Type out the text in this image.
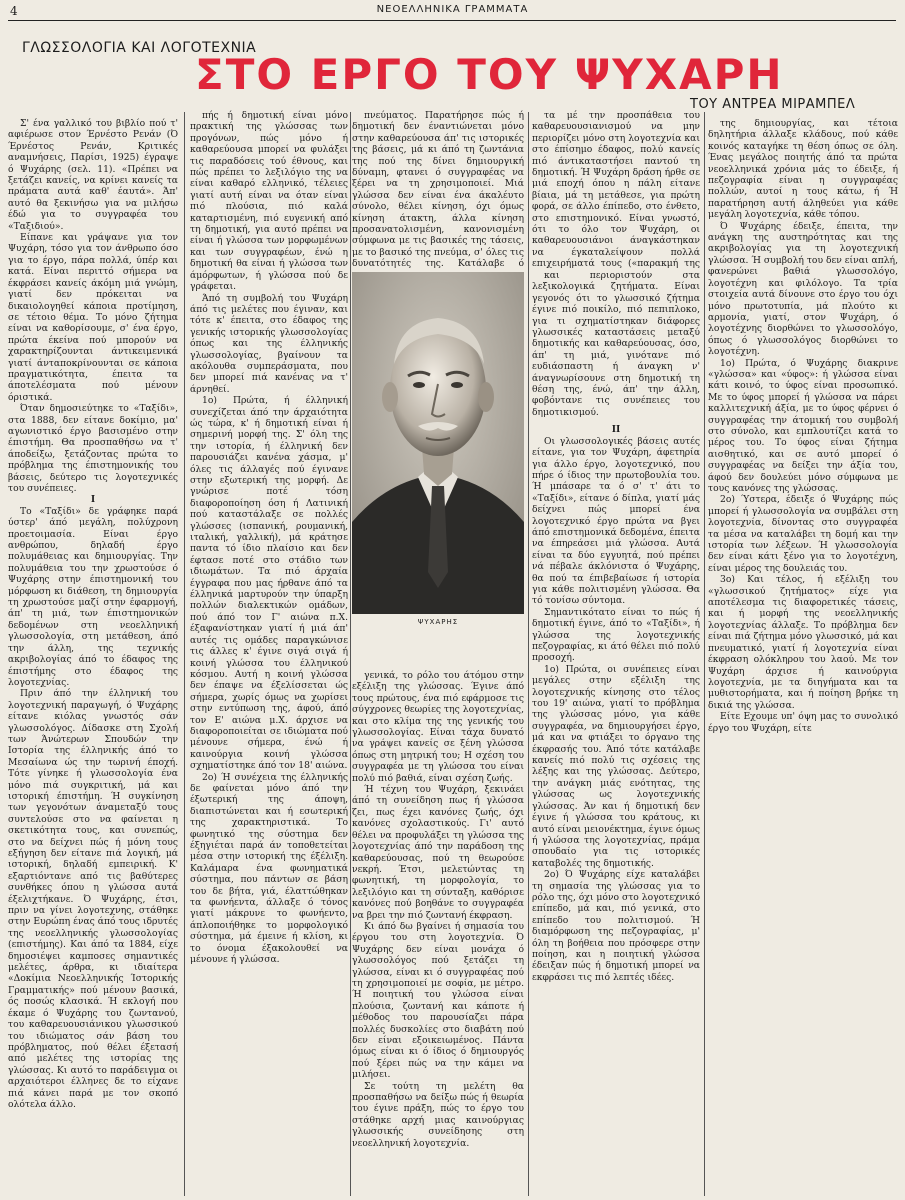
4	ΝΕΟΕΛΛΗΝΙΚΑ ΓΡΑΜΜΑΤΑ
ΓΛΩΣΣΟΛΟΓΙΑ ΚΑΙ ΛΟΓΟΤΕΧΝΙΑ
ΣΤΟ ΕΡΓΟ ΤΟΥ ΨΥΧΑΡΗ
ΤΟΥ ΑΝΤΡΕΑ ΜΙΡΑΜΠΕΛ

Σ' ένα γαλλικό του βιβλίο πού τ' αφιέρωσε στον Έρνέστο Ρενάν (Ό Έρνέστος Ρενάν, Κριτικές αναμνήσεις, Παρίσι, 1925) έγραψε ό Ψυχάρης (σελ. 11). «Πρέπει να ξετάζει κανείς, να κρίνει κανείς τα πράματα αυτά καθ' έαυτά». Άπ' αυτό θα ξεκινήσω για να μιλήσω έδώ για το συγγραφέα του «Ταξιδιού».

Είπανε και γράψανε για τον Ψυχάρη, τόσο για τον άνθρωπο όσο για το έργο, πάρα πολλά, ύπέρ και κατά. Είναι περιττό σήμερα να έκφράσει κανείς άκόμη μιά γνώμη, γιατί δεν πρόκειται να δικαιολογηθεί κάποια προτίμηση, σε τέτοιο θέμα. Το μόνο ζήτημα είναι να καθορίσουμε, σ' ένα έργο, πρώτα έκείνα πού μπορούν να χαρακτηρίζουνται άντικειμενικά γιατί άνταποκρίνουνται σε κάποια πραγματικότητα, έπειτα τα άποτελέσματα πού μένουν όριστικά.

Όταν δημοσιεύτηκε το «Ταξίδι», στα 1888, δεν είτανε δοκίμιο, μα' αγωνιστικό έργο βασισμένο στην έπιστήμη. Θα προσπαθήσω να τ' άποδείξω, ξετάζοντας πρώτα το πρόβλημα της έπιστημονικής του βάσεις, δεύτερο τις λογοτεχνικές του συνέπειες.

I

Το «Ταξίδι» δε γράφηκε παρά ύστερ' άπό μεγάλη, πολύχρονη προετοιμασία. Είναι έργο ανθρώπου, δηλαδή έργο πολυμάθειας και δημιουργίας. Την πολυμάθεια του την χρωστούσε ό Ψυχάρης στην έπιστημονική του μόρφωση κι διάθεση, τη δημιουργία τη χρωστούσε μαζί στην έφαρμογή, άπ' τη μιά, των έπιστημονικών δεδομένων στη νεοελληνική γλωσσολογία, στη μετάθεση, άπό την άλλη, της τεχνικής ακριβολογίας άπό το έδαφος της έπιστήμης στο έδαφος της λογοτεχνίας.

Πριν άπό την έλληνική του λογοτεχνική παραγωγή, ό Ψυχάρης είτανε κιόλας γνωστός σάν γλωσσολόγος. Δίδασκε στη Σχολή των Άνώτερων Σπουδών την Ιστορία της έλληνικής άπό το Μεσαίωνα ώς την τωρινή έποχή. Τότε γίνηκε ή γλωσσολογία ένα μόνο πιά συγκριτική, μά και ιστορική έπιστήμη. Ή συγκίνηση των γεγονότων άναμεταξύ τους συντελούσε στο να φαίνεται η σκετικότητα τους, και συνεπώς, στο να δείχνει πώς ή μόνη τους εξήγηση δεν είτανε πιά λογική, μά ιστορική, δηλαδή εμπειρική. Κ' εξαρτιόντανε από τις βαθύτερες συνθήκες όπου η γλώσσα αυτά έξελιχτήκανε. Ό Ψυχάρης, έτσι, πριν να γίνει λογοτεχνης, στάθηκε στην Ευρώπη ένας άπό τους ιδρυτές της νεοελληνικής γλωσσολογίας (επιστήμης). Και άπό τα 1884, είχε δημοσιέψει καμποσες σημαντικές μελέτες, άρθρα, κι ιδιαίτερα «Δοκίμια Νεοελληνικής Ίστορικής Γραμματικής» πού μένουν βασικά, ός ποσώς κλασικά. Ή εκλογή που έκαμε ό Ψυχάρης του ζωντανού, του καθαρευουσιάνικου γλωσσικού του ιδιώματος σάν βάση του πρόβληματος, πού θέλει έξετασή από μελέτες της ιστορίας της γλώσσας. Κι αυτό το παράδειγμα οι αρχαιότεροι έλληνες δε το είχανε πιά κάνει παρά με τον σκοπό ολότελα άλλο.

πής ή δημοτική είναι μόνο πρακτική της γλώσσας των προγόνων, πώς μόνο ή καθαρεύουσα μπορεί να φυλάξει τις παραδόσεις τού έθνους, και πώς πρέπει το λεξιλόγιο της να είναι καθαρό ελληνικό, τέλειες γιατί αυτή είναι να όταν είναι πιό πλούσια, πιό καλά καταρτισμένη, πιό ευγενική από τη δημοτική, για αυτό πρέπει να είναι ή γλώσσα των μορφωμένων και των συγγραφέων, ένώ η δημοτική θα είναι ή γλώσσα των άμόρφωτων, ή γλώσσα πού δε γράφεται.

Άπό τη συμβολή του Ψυχάρη άπό τις μελέτες που έγιναν, και τότε κ' έπειτα, στο έδαφος της γενικής ιστορικής γλωσσολογίας όπως και της έλληνικής γλωσσολογίας, βγαίνουν τα ακόλουθα συμπεράσματα, που δεν μπορεί πιά κανένας να τ' άρνηθεί.

1ο) Πρώτα, ή έλληνική συνεχίζεται άπό την άρχαιότητα ώς τώρα, κ' ή δημοτική είναι ή σημερινή μορφή της. Σ' όλη της την ιστορία, ή έλληνική δεν παρουσιάζει κανένα χάσμα, μ' όλες τις άλλαγές πού έγινανε στην εξωτερική της μορφή. Δε γνώρισε ποτέ τόση διαφοροποίηση όση ή Λατινική πού καταστάλαξε σε πολλές γλώσσες (ισπανική, ρουμανική, ιταλική, γαλλική), μά κράτησε παντα τό ίδιο πλαίσιο και δεν έφτασε ποτέ στο στάδιο των ιδιωμάτων. Τα πιό άρχαία έγγραφα που μας ήρθανε άπό τα έλληνικά μαρτυρούν την ύπαρξη πολλών διαλεκτικών ομάδων, πού άπό τον Γ' αιώνα π.Χ. έξαφανίστηκαν γιατί ή μιά άπ' αυτές τις ομάδες παραγκώνισε τις άλλες κ' έγινε σιγά σιγά ή κοινή γλώσσα του έλληνικού κόσμου. Αυτή η κοινή γλώσσα δεν έπαψε να έξελίσσεται ώς σήμερα, χωρίς όμως να χωρίσει στην εντύπωση της, άφού, άπό τον Ε' αιώνα μ.Χ. άρχισε να διαφοροποιείται σε ιδιώματα πού μένουνε σήμερα, ένώ ή καινούργια κοινή γλώσσα σχηματίστηκε άπό τον 18' αιώνα.

2ο) Ή συνέχεια της έλληνικής δε φαίνεται μόνο άπό την έξωτερική της άποψη, διαπιστώνεται και ή εσωτερική της χαρακτηριστικά. Το φωνητικό της σύστημα δεν έξηγιέται παρά άν τοποθετείται μέσα στην ιστορική της έξέλιξη. Καλάμαρα ένα φωνηματικά σύστημα, που πάντων σε βάση του δε βήτα, γιά, έλαττώθηκαν τα φωνήεντα, άλλαξε ό τόνος γιατί μάκρυνε το φωνήεντο, άπλοποιήθηκε το μορφολογικό σύστημα, μά έμεινε ή κλίση, κι το όνομα έξακολουθεί να μένουνε ή γλώσσα.

πνεύματος. Παρατήρησε πώς ή δημοτική δεν έναντιώνεται μόνο στην καθαρεύουσα άπ' τις ιστορικές της βάσεις, μά κι άπό τη ζωντάνια της πού της δίνει δημιουργική δύναμη, φτανει ό συγγραφέας να ξέρει να τη χρησιμοποιεί. Μιά γλώσσα δεν είναι ένα άκαλέυτο σύνολο, θέλει κίνηση, όχι όμως κίνηση άτακτη, άλλα κίνηση προσανατολισμένη, κανονισμένη σύμφωνα με τις βασικές της τάσεις, με το βασικό της πνεύμα, σ' όλες τις δυνατότητές της. Κατάλαβε ό

ΨΥΧΑΡΗΣ

γενικά, το ρόλο του άτόμου στην εξέλιξη της γλώσσας. Έγινε άπό τους πρώτους, ένα πιό εφάρμοσε τις σύγχρονες θεωρίες της λογοτεχνίας, και στο κλίμα της της γενικής του γλωσσολογίας. Είναι τάχα δυνατό να γράψει κανείς σε ξένη γλώσσα όπως στη μητρική του; Η σχέση του συγγραφέα με τη γλώσσα του είναι πολύ πιό βαθιά, είναι σχέση ζωής.

Ή τέχνη του Ψυχάρη, ξεκινάει άπό τη συνείδηση πως ή γλώσσα ζει, πως έχει κανόνες ζωής, όχι κανόνες σχολαστικούς. Γι' αυτό θέλει να προφυλάξει τη γλώσσα της λογοτεχνίας άπό την παράδοση της καθαρεύουσας, πού τη θεωρούσε νεκρή. Έτσι, μελετώντας τη φωνητική, τη μορφολογία, το λεξιλόγιο και τη σύνταξη, καθόρισε κανόνες πού βοηθάνε το συγγραφέα να βρει την πιό ζωντανή έκφραση.

Κι άπό δω βγαίνει ή σημασία του έργου του στη λογοτεχνία. Ό Ψυχάρης δεν είναι μονάχα ό γλωσσολόγος πού ξετάζει τη γλώσσα, είναι κι ό συγγραφέας πού τη χρησιμοποιεί με σοφία, με μέτρο. Ή ποιητική του γλώσσα είναι πλούσια, ζωντανή και κάποτε ή μέθοδος του παρουσίαζει πάρα πολλές δυσκολίες στο διαβάτη πού δεν είναι εξοικειωμένος. Πάντα όμως είναι κι ό ίδιος ό δημιουργός πού ξέρει πώς να την κάμει να μιλήσει.

Σε τούτη τη μελέτη θα προσπαθήσω να δείξω πώς ή θεωρία του έγινε πράξη, πώς το έργο του στάθηκε αρχή μιας καινούργιας γλωσσικής συνείδησης στη νεοελληνική λογοτεχνία.

τα μέ την προσπάθεια του καθαρευουσιανισμού να μην περιορίζει μόνο στη λογοτεχνία και στο έπίσημο έδαφος, πολύ κανείς πιό άντικαταστήσει παντού τη δημοτική. Ή Ψυχάρη δράση ήρθε σε μιά εποχή όπου η πάλη είτανε βίαια, μά τη μετάθεσε, για πρώτη φορά, σε άλλο έπίπεδο, στο ένθετο, στο επιστημονικό. Είναι γνωστό, ότι το όλο τον Ψυχάρη, οι καθαρευουσιάνοι άναγκάστηκαν να έγκαταλείψουν πολλά επιχειρήματά τους («παρακμή της

και περιοριστούν στα λεξικολογικά ζητήματα. Είναι γεγονός ότι το γλωσσικό ζήτημα έγινε πιό ποικίλο, πιό πεπιπλοκο, για τι σχηματίστηκαν διάφορες γλωσσικές καταστάσεις μεταξύ δημοτικής και καθαρεύουσας, όσο, άπ' τη μιά, γινότανε πιό ευδιάσπαστη ή άναγκη ν' άναγνωρίσουνε στη δημοτική τη θέση της, ένώ, άπ' την άλλη, φοβόντανε τις συνέπειες του δημοτικισμού.

II

Οι γλωσσολογικές βάσεις αυτές είτανε, για τον Ψυχάρη, άφετηρία για άλλο έργο, λογοτεχνικό, που πήρε ό ίδιος την πρωτοβουλία του. Ή μπάσαρε τα ό σ' τ' άτι το «Ταξίδι», είτανε ό δίπλα, γιατί μάς δείχνει πώς μπορεί ένα λογοτεχνικό έργο πρώτα να βγει άπό επιστημονικά δεδομένα, έπειτα να έπηρεάσει μιά γλώσσα. Αυτά είναι τα δύο εγγυητά, πού πρέπει νά πέβαλε άκλόνιστα ό Ψυχάρης, θα πού τα έπιβεβαίωσε ή ιστορία για κάθε πολιτισμένη γλώσσα. Θα τό τονίσω σύντομα.

Σημαντικότατο είναι το πώς ή δημοτική έγινε, άπό το «Ταξίδι», ή γλώσσα της λογοτεχνικής πεζογραφίας, κι άτό θέλει πιό πολύ προσοχή.

1ο) Πρώτα, οι συνέπειες είναι μεγάλες στην εξέλιξη της λογοτεχνικής κίνησης στο τέλος του 19' αιώνα, γιατί το πρόβλημα της γλώσσας μόνο, για κάθε συγγραφέα, να δημιουργήσει έργο, μά και να φτιάξει το όργανο της έκφρασής του. Άπό τότε κατάλαβε κανείς πιό πολύ τις σχέσεις της λέξης και της γλώσσας. Δεύτερο, την ανάγκη μιάς ενότητας, της γλώσσας ως λογοτεχνικής γλώσσας. Άν και ή δημοτική δεν έγινε ή γλώσσα του κράτους, κι αυτό είναι μειονέκτημα, έγινε όμως ή γλώσσα της λογοτεχνίας, πράμα σπουδαίο για τις ιστορικές καταβολές της δημοτικής.

2ο) Ό Ψυχάρης είχε καταλάβει τη σημασία της γλώσσας για το ρόλο της, όχι μόνο στο λογοτεχνικό επίπεδο, μά και, πιό γενικά, στο επίπεδο του πολιτισμού. Ή διαμόρφωση της πεζογραφίας, μ' όλη τη βοήθεια που πρόσφερε στην ποίηση, και η ποιητική γλώσσα έδειξαν πώς ή δημοτική μπορεί να εκφράσει τις πιό λεπτές ιδέες.

της δημιουργίας, και τέτοια δηλητήρια άλλαξε κλάδους, πού κάθε κοινός καταγήκε τη θέση όπως σε όλη. Ένας μεγάλος ποιητής άπό τα πρώτα νεοελληνικά χρόνια μάς το έδειξε, ή πεζογραφία είναι η συγγραφέας πολλών, αυτοί η τους κάτω, ή Ή παρατήρηση αυτή άληθεύει για κάθε μεγάλη λογοτεχνία, κάθε τόπου.

Ό Ψυχάρης έδειξε, έπειτα, την ανάγκη της αυστηρότητας και της ακριβολογίας για τη λογοτεχνική γλώσσα. Ή συμβολή του δεν είναι απλή, φανερώνει βαθιά γλωσσολόγο, λογοτέχνη και φιλόλογο. Τα τρία στοιχεία αυτά δίνουνε στο έργο του όχι μόνο πρωτοτυπία, μά πλούτο κι αρμονία, γιατί, στον Ψυχάρη, ό λογοτέχνης διορθώνει το γλωσσολόγο, όπως ό γλωσσολόγος διορθώνει το λογοτέχνη.

1ο) Πρώτα, ό Ψυχάρης διακρινε «γλώσσα» και «ύφος»: ή γλώσσα είναι κάτι κοινό, το ύφος είναι προσωπικό. Με το ύφος μπορεί ή γλώσσα να πάρει καλλιτεχνική άξία, με το ύφος φέρνει ό συγγραφέας την άτομική του συμβολή στο σύνολο, και εμπλουτίζει κατά το μέρος του. Το ύφος είναι ζήτημα αισθητικό, και σε αυτό μπορεί ό συγγραφέας να δείξει την άξία του, άφού δεν δουλεύει μόνο σύμφωνα με τους κανόνες της γλώσσας.

2ο) Ύστερα, έδειξε ό Ψυχάρης πώς μπορεί ή γλωσσολογία να συμβάλει στη λογοτεχνία, δίνοντας στο συγγραφέα τα μέσα να καταλάβει τη δομή και την ιστορία των λέξεων. Ή γλωσσολογία δεν είναι κάτι ξένο για το λογοτέχνη, είναι μέρος της δουλειάς του.

3ο) Και τέλος, ή εξέλιξη του «γλωσσικού ζητήματος» είχε για αποτέλεσμα τις διαφορετικές τάσεις, και ή μορφή της νεοελληνικής λογοτεχνίας άλλαξε. Το πρόβλημα δεν είναι πιά ζήτημα μόνο γλωσσικό, μά και πνευματικό, γιατί ή λογοτεχνία είναι έκφραση ολόκληρου του λαού. Με τον Ψυχάρη άρχισε ή καινούργια λογοτεχνία, με τα διηγήματα και τα μυθιστορήματα, και ή ποίηση βρήκε τη δικιά της γλώσσα.

Είτε Εχουμε υπ' όψη μας το συνολικό έργο του Ψυχάρη, είτε
